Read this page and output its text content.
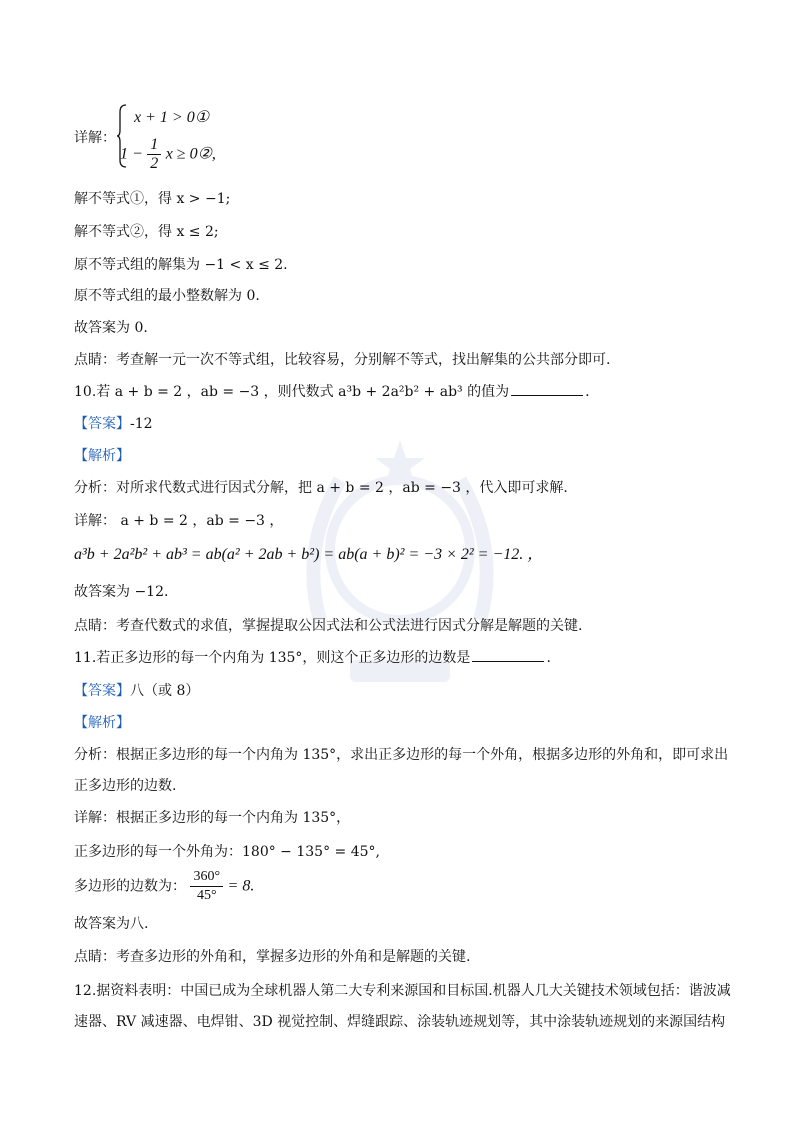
详解：
x + 1 > 0①
$1 - \frac{1}{2}$ x ≥ 0②,
解不等式①，得 x > −1;
解不等式②，得 x ≤ 2;
原不等式组的解集为 −1 < x ≤ 2.
原不等式组的最小整数解为 0.
故答案为 0.
点睛：考查解一元一次不等式组，比较容易，分别解不等式，找出解集的公共部分即可.
10.若 a + b = 2 ，ab = −3 ，则代数式 a³b + 2a²b² + ab³ 的值为	.
【答案】-12
【解析】
分析：对所求代数式进行因式分解，把 a + b = 2 ，ab = −3 ，代入即可求解.
详解： a + b = 2 ，ab = −3 ，
a³b + 2a²b² + ab³ = ab(a² + 2ab + b²) = ab(a + b)² = −3 × 2² = −12. ，
故答案为 −12.
点睛：考查代数式的求值，掌握提取公因式法和公式法进行因式分解是解题的关键.
11.若正多边形的每一个内角为 135°，则这个正多边形的边数是	.
【答案】八（或 8）
【解析】
分析：根据正多边形的每一个内角为 135°，求出正多边形的每一个外角，根据多边形的外角和，即可求出
正多边形的边数.
详解：根据正多边形的每一个内角为 135°，
正多边形的每一个外角为：180° − 135° = 45°,
多边形的边数为： $\frac{360^\circ}{45^\circ} = 8$.
故答案为八.
点睛：考查多边形的外角和，掌握多边形的外角和是解题的关键.
12.据资料表明：中国已成为全球机器人第二大专利来源国和目标国.机器人几大关键技术领域包括：谐波减
速器、RV 减速器、电焊钳、3D 视觉控制、焊缝跟踪、涂装轨迹规划等，其中涂装轨迹规划的来源国结构
